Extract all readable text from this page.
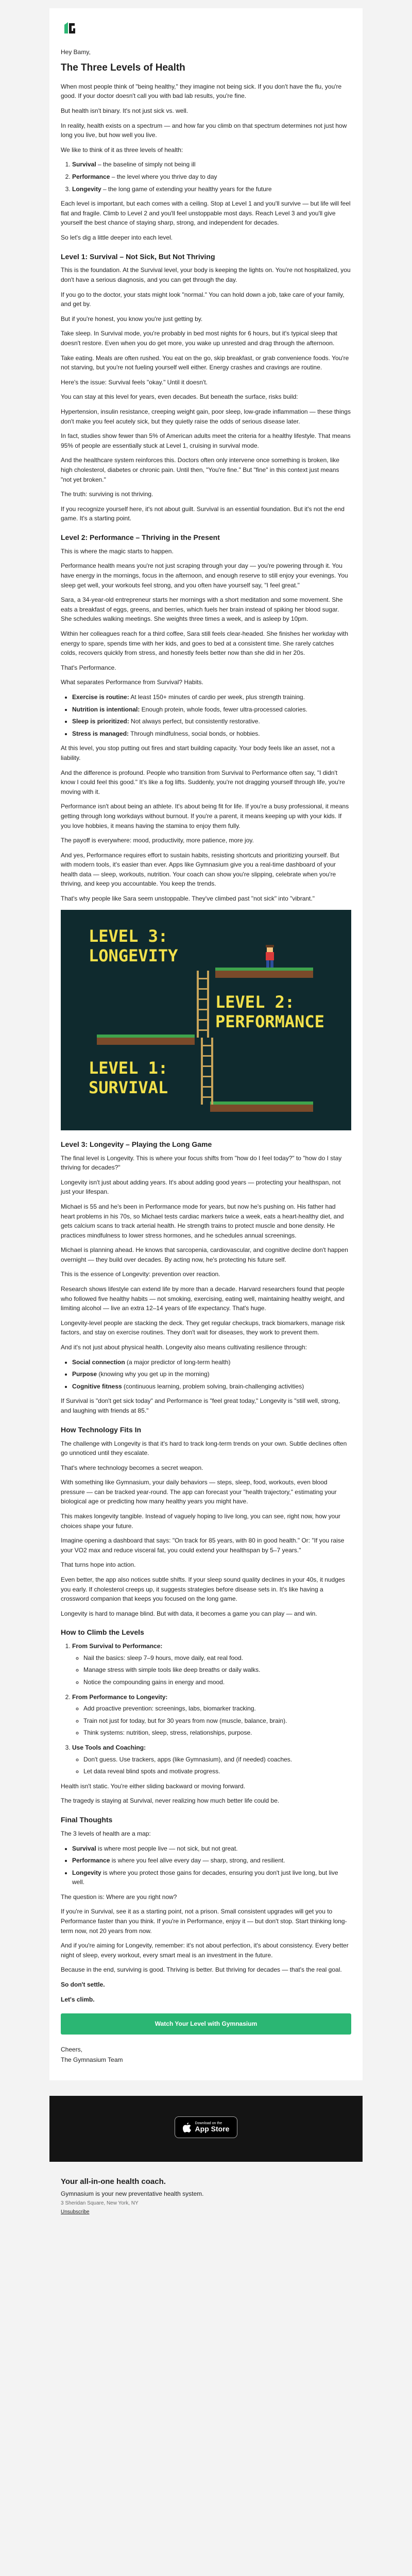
Hey Bamy,

The Three Levels of Health

When most people think of "being healthy," they imagine not being sick. If you don't have the flu, you're good. If your doctor doesn't call you with bad lab results, you're fine.

But health isn't binary. It's not just sick vs. well.

In reality, health exists on a spectrum — and how far you climb on that spectrum determines not just how long you live, but how well you live.

We like to think of it as three levels of health:

1. Survival – the baseline of simply not being ill
2. Performance – the level where you thrive day to day
3. Longevity – the long game of extending your healthy years for the future

Each level is important, but each comes with a ceiling. Stop at Level 1 and you'll survive — but life will feel flat and fragile. Climb to Level 2 and you'll feel unstoppable most days. Reach Level 3 and you'll give yourself the best chance of staying sharp, strong, and independent for decades.

So let's dig a little deeper into each level.

Level 1: Survival – Not Sick, But Not Thriving

This is the foundation. At the Survival level, your body is keeping the lights on. You're not hospitalized, you don't have a serious diagnosis, and you can get through the day.

If you go to the doctor, your stats might look "normal." You can hold down a job, take care of your family, and get by.

But if you're honest, you know you're just getting by.

Take sleep. In Survival mode, you're probably in bed most nights for 6 hours, but it's typical sleep that doesn't restore. Even when you do get more, you wake up unrested and drag through the afternoon.

Take eating. Meals are often rushed. You eat on the go, skip breakfast, or grab convenience foods. You're not starving, but you're not fueling yourself well either. Energy crashes and cravings are routine.

Here's the issue: Survival feels "okay." Until it doesn't.

You can stay at this level for years, even decades. But beneath the surface, risks build:

Hypertension, insulin resistance, creeping weight gain, poor sleep, low-grade inflammation — these things don't make you feel acutely sick, but they quietly raise the odds of serious disease later.

In fact, studies show fewer than 5% of American adults meet the criteria for a healthy lifestyle. That means 95% of people are essentially stuck at Level 1, cruising in survival mode.

And the healthcare system reinforces this. Doctors often only intervene once something is broken, like high cholesterol, diabetes or chronic pain. Until then, "You're fine." But "fine" in this context just means "not yet broken."

The truth: surviving is not thriving.

If you recognize yourself here, it's not about guilt. Survival is an essential foundation. But it's not the end game. It's a starting point.

Level 2: Performance – Thriving in the Present

This is where the magic starts to happen.

Performance health means you're not just scraping through your day — you're powering through it. You have energy in the mornings, focus in the afternoon, and enough reserve to still enjoy your evenings. You sleep get well, your workouts feel strong, and you often have yourself say, "I feel great."

Sara, a 34-year-old entrepreneur starts her mornings with a short meditation and some movement. She eats a breakfast of eggs, greens, and berries, which fuels her brain instead of spiking her blood sugar. She schedules walking meetings. She weights three times a week, and is asleep by 10pm.

Within her colleagues reach for a third coffee, Sara still feels clear-headed. She finishes her workday with energy to spare, spends time with her kids, and goes to bed at a consistent time. She rarely catches colds, recovers quickly from stress, and honestly feels better now than she did in her 20s.

That's Performance.

What separates Performance from Survival? Habits.

• Exercise is routine: At least 150+ minutes of cardio per week, plus strength training.
• Nutrition is intentional: Enough protein, whole foods, fewer ultra-processed calories.
• Sleep is prioritized: Not always perfect, but consistently restorative.
• Stress is managed: Through mindfulness, social bonds, or hobbies.

At this level, you stop putting out fires and start building capacity. Your body feels like an asset, not a liability.

And the difference is profound. People who transition from Survival to Performance often say, "I didn't know I could feel this good." It's like a fog lifts. Suddenly, you're not dragging yourself through life, you're moving with it.

Performance isn't about being an athlete. It's about being fit for life. If you're a busy professional, it means getting through long workdays without burnout. If you're a parent, it means keeping up with your kids. If you love hobbies, it means having the stamina to enjoy them fully.

The payoff is everywhere: mood, productivity, more patience, more joy.

And yes, Performance requires effort to sustain habits, resisting shortcuts and prioritizing yourself. But with modern tools, it's easier than ever. Apps like Gymnasium give you a real-time dashboard of your health data — sleep, workouts, nutrition. Your coach can show you're slipping, celebrate when you're thriving, and keep you accountable. You keep the trends.

That's why people like Sara seem unstoppable. They've climbed past "not sick" into "vibrant."

LEVEL 3: LONGEVITY
LEVEL 2: PERFORMANCE
LEVEL 1: SURVIVAL
Level 3: Longevity – Playing the Long Game

The final level is Longevity. This is where your focus shifts from "how do I feel today?" to "how do I stay thriving for decades?"

Longevity isn't just about adding years. It's about adding good years — protecting your healthspan, not just your lifespan.

Michael is 55 and he's been in Performance mode for years, but now he's pushing on. His father had heart problems in his 70s, so Michael tests cardiac markers twice a week, eats a heart-healthy diet, and gets calcium scans to track arterial health. He strength trains to protect muscle and bone density. He practices mindfulness to lower stress hormones, and he schedules annual screenings.

Michael is planning ahead. He knows that sarcopenia, cardiovascular, and cognitive decline don't happen overnight — they build over decades. By acting now, he's protecting his future self.

This is the essence of Longevity: prevention over reaction.

Research shows lifestyle can extend life by more than a decade. Harvard researchers found that people who followed five healthy habits — not smoking, exercising, eating well, maintaining healthy weight, and limiting alcohol — live an extra 12–14 years of life expectancy. That's huge.

Longevity-level people are stacking the deck. They get regular checkups, track biomarkers, manage risk factors, and stay on exercise routines. They don't wait for diseases, they work to prevent them.

And it's not just about physical health. Longevity also means cultivating resilience through:

• Social connection (a major predictor of long-term health)
• Purpose (knowing why you get up in the morning)
• Cognitive fitness (continuous learning, problem solving, brain-challenging activities)

If Survival is "don't get sick today" and Performance is "feel great today," Longevity is "still well, strong, and laughing with friends at 85."

How Technology Fits In

The challenge with Longevity is that it's hard to track long-term trends on your own. Subtle declines often go unnoticed until they escalate.

That's where technology becomes a secret weapon.

With something like Gymnasium, your daily behaviors — steps, sleep, food, workouts, even blood pressure — can be tracked year-round. The app can forecast your "health trajectory," estimating your biological age or predicting how many healthy years you might have.

This makes longevity tangible. Instead of vaguely hoping to live long, you can see, right now, how your choices shape your future.

Imagine opening a dashboard that says: "On track for 85 years, with 80 in good health." Or: "If you raise your VO2 max and reduce visceral fat, you could extend your healthspan by 5–7 years."

That turns hope into action.

Even better, the app also notices subtle shifts. If your sleep sound quality declines in your 40s, it nudges you early. If cholesterol creeps up, it suggests strategies before disease sets in. It's like having a crossword companion that keeps you focused on the long game.

Longevity is hard to manage blind. But with data, it becomes a game you can play — and win.

How to Climb the Levels
1. From Survival to Performance:
◦ Nail the basics: sleep 7–9 hours, move daily, eat real food.
◦ Manage stress with simple tools like deep breaths or daily walks.
◦ Notice the compounding gains in energy and mood.
2. From Performance to Longevity:
◦ Add proactive prevention: screenings, labs, biomarker tracking.
◦ Train not just for today, but for 30 years from now (muscle, balance, brain).
◦ Think systems: nutrition, sleep, stress, relationships, purpose.
3. Use Tools and Coaching:
◦ Don't guess. Use trackers, apps (like Gymnasium), and (if needed) coaches.
◦ Let data reveal blind spots and motivate progress.

Health isn't static. You're either sliding backward or moving forward.

The tragedy is staying at Survival, never realizing how much better life could be.

Final Thoughts

The 3 levels of health are a map:

• Survival is where most people live — not sick, but not great.
• Performance is where you feel alive every day — sharp, strong, and resilient.
• Longevity is where you protect those gains for decades, ensuring you don't just live long, but live well.

The question is: Where are you right now?

If you're in Survival, see it as a starting point, not a prison. Small consistent upgrades will get you to Performance faster than you think. If you're in Performance, enjoy it — but don't stop. Start thinking long-term now, not 20 years from now.

And if you're aiming for Longevity, remember: it's not about perfection, it's about consistency. Every better night of sleep, every workout, every smart meal is an investment in the future.

Because in the end, surviving is good. Thriving is better. But thriving for decades — that's the real goal.

So don't settle.

Let's climb.

Watch Your Level with Gymnasium

Cheers,

The Gymnasium Team

Download on the
App Store
Your all-in-one health coach.
Gymnasium is your new preventative health system.
3 Sheridan Square, New York, NY
Unsubscribe
